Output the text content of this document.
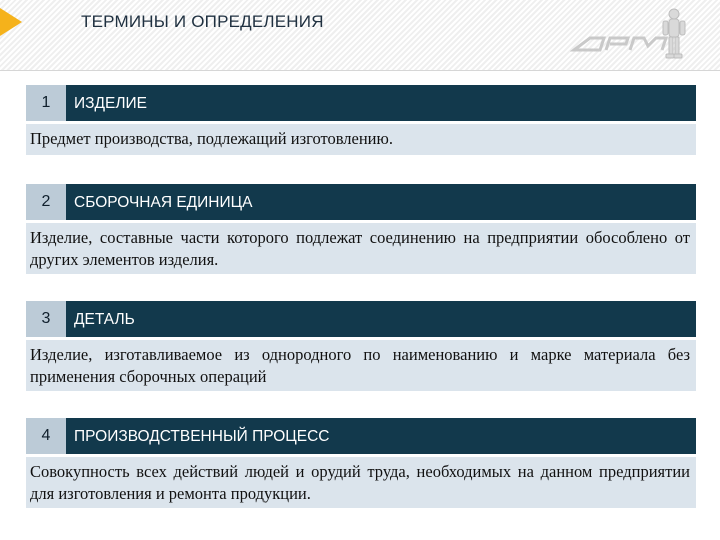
ТЕРМИНЫ И ОПРЕДЕЛЕНИЯ
1	ИЗДЕЛИЕ
Предмет производства, подлежащий изготовлению.
2	СБОРОЧНАЯ ЕДИНИЦА
Изделие, составные части которого подлежат соединению на предприятии обособлено от других элементов изделия.
3	ДЕТАЛЬ
Изделие, изготавливаемое из однородного по наименованию и марке материала без применения сборочных операций
4	ПРОИЗВОДСТВЕННЫЙ ПРОЦЕСС
Совокупность всех действий людей и орудий труда, необходимых на данном предприятии для изготовления и ремонта продукции.
